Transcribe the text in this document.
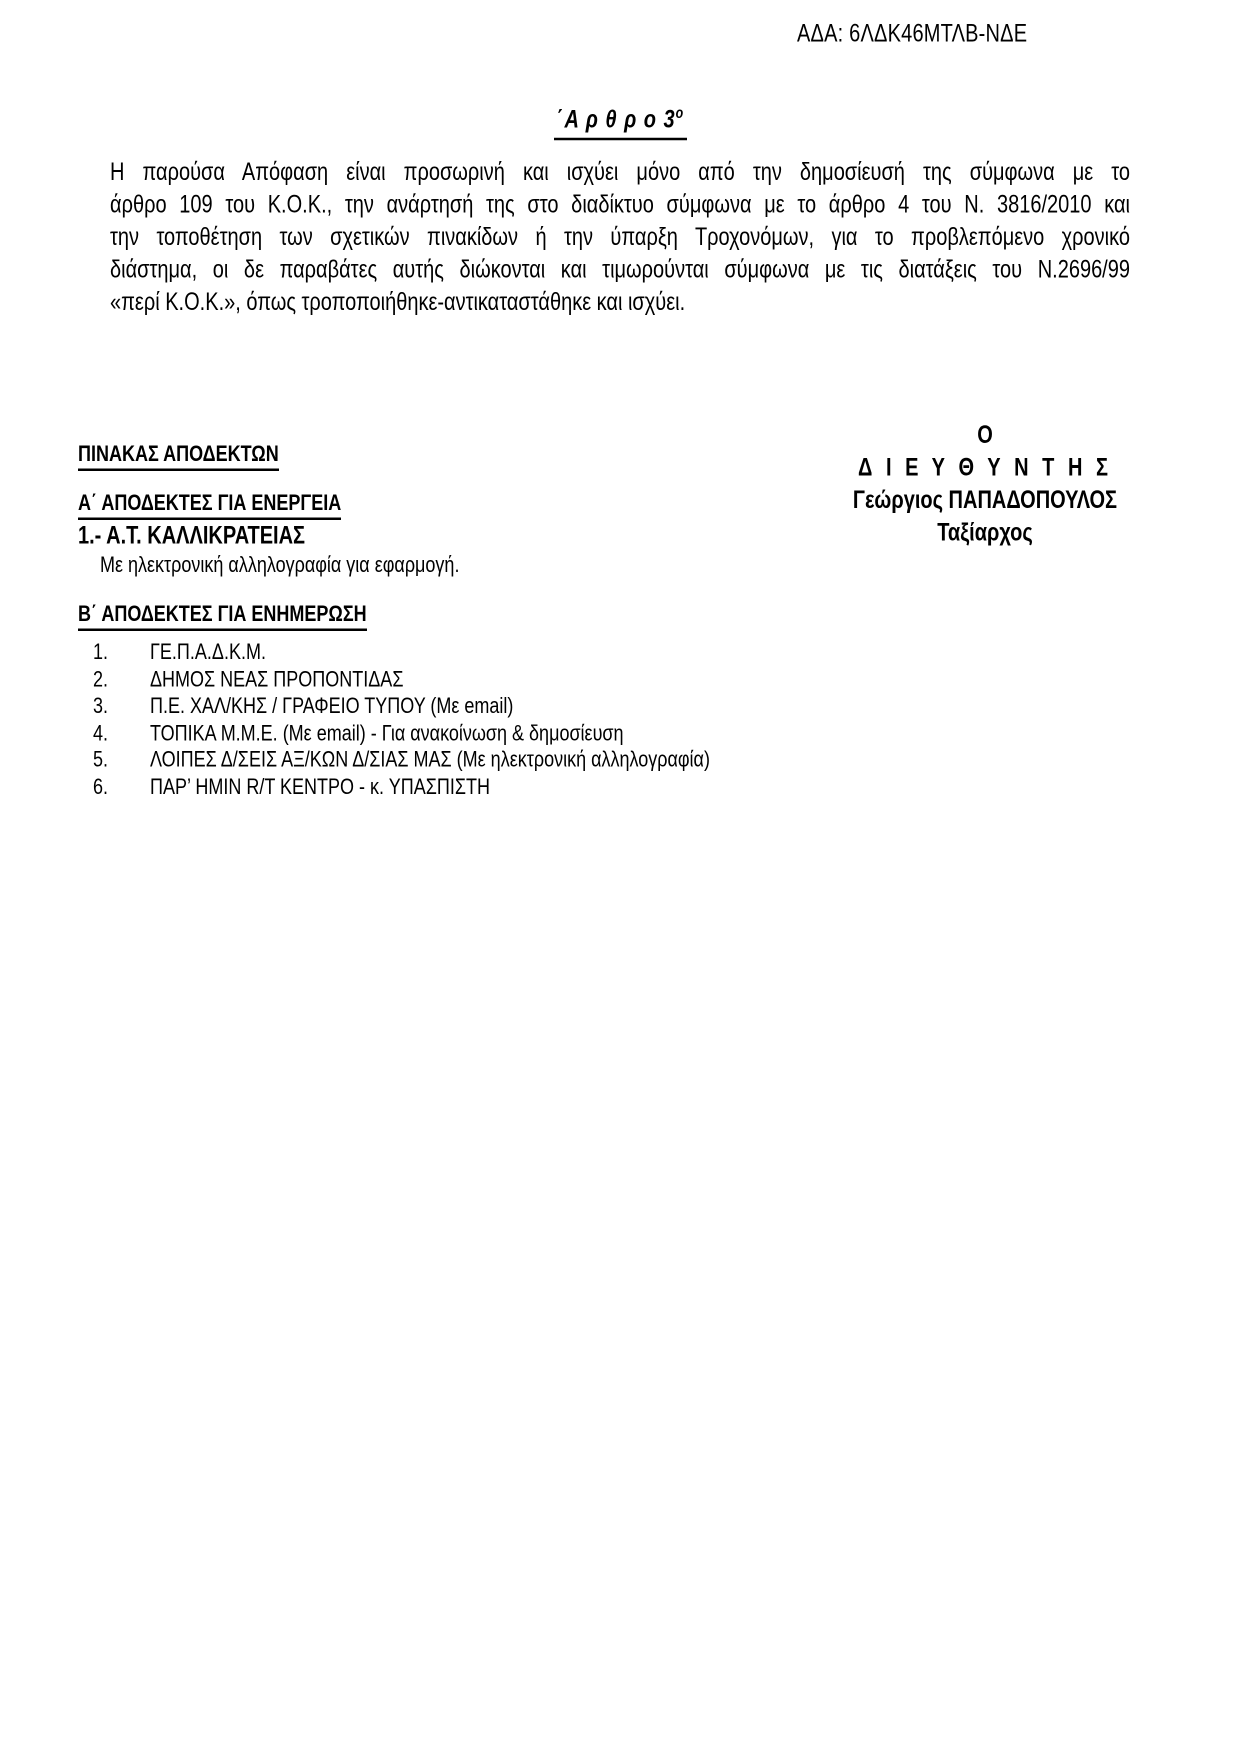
ΑΔΑ: 6ΛΔΚ46ΜΤΛΒ-ΝΔΕ
΄Α ρ θ ρ ο $3^o$
Η παρούσα Απόφαση είναι προσωρινή και ισχύει μόνο από την δημοσίευσή της σύμφωνα με το
άρθρο 109 του Κ.Ο.Κ., την ανάρτησή της στο διαδίκτυο σύμφωνα με το άρθρο 4 του Ν. 3816/2010 και
την τοποθέτηση των σχετικών πινακίδων ή την ύπαρξη Τροχονόμων, για το προβλεπόμενο χρονικό
διάστημα, οι δε παραβάτες αυτής διώκονται και τιμωρούνται σύμφωνα με τις διατάξεις του Ν.2696/99
«περί Κ.Ο.Κ.», όπως τροποποιήθηκε-αντικαταστάθηκε και ισχύει.
Ο
Δ Ι Ε Υ Θ Υ Ν Τ Η Σ
Γεώργιος ΠΑΠΑΔΟΠΟΥΛΟΣ
Ταξίαρχος
ΠΙΝΑΚΑΣ ΑΠΟΔΕΚΤΩΝ
Α΄ ΑΠΟΔΕΚΤΕΣ ΓΙΑ ΕΝΕΡΓΕΙΑ
1.- Α.Τ. ΚΑΛΛΙΚΡΑΤΕΙΑΣ
Με ηλεκτρονική αλληλογραφία για εφαρμογή.
Β΄ ΑΠΟΔΕΚΤΕΣ ΓΙΑ ΕΝΗΜΕΡΩΣΗ
1.	ΓΕ.Π.Α.Δ.Κ.Μ.
2.	ΔΗΜΟΣ ΝΕΑΣ ΠΡΟΠΟΝΤΙΔΑΣ
3.	Π.Ε. ΧΑΛ/ΚΗΣ / ΓΡΑΦΕΙΟ ΤΥΠΟΥ (Με email)
4.	ΤΟΠΙΚΑ Μ.Μ.Ε. (Με email) - Για ανακοίνωση & δημοσίευση
5.	ΛΟΙΠΕΣ Δ/ΣΕΙΣ ΑΞ/ΚΩΝ Δ/ΣΙΑΣ ΜΑΣ (Με ηλεκτρονική αλληλογραφία)
6.	ΠΑΡ’ ΗΜΙΝ R/T ΚΕΝΤΡΟ - κ. ΥΠΑΣΠΙΣΤΗ
